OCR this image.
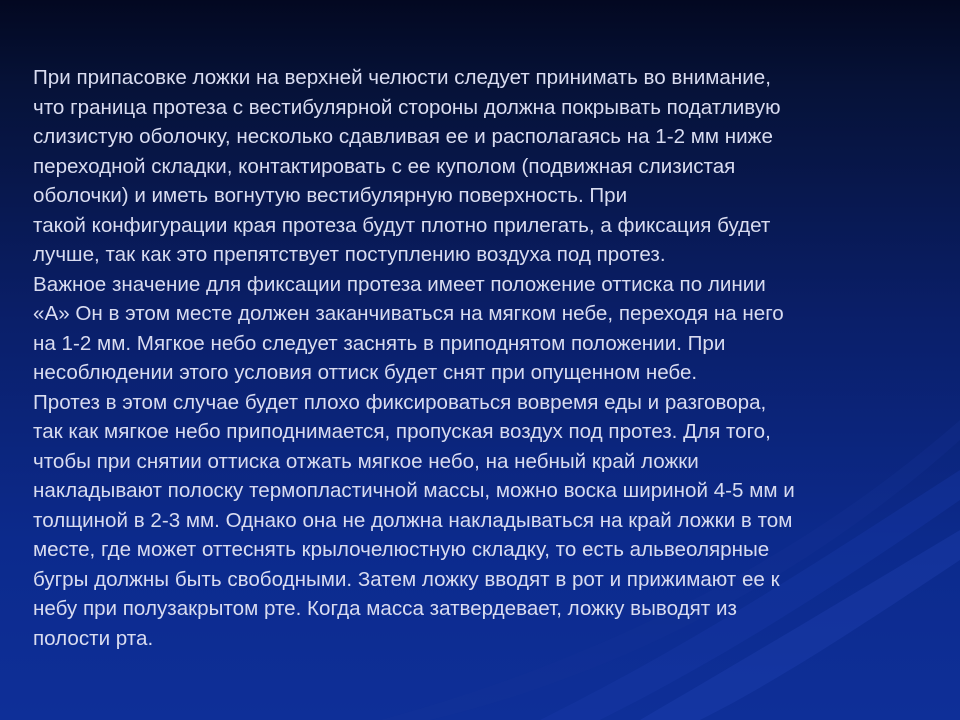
При припасовке ложки на верхней челюсти следует принимать во внимание,
что граница протеза с вестибулярной стороны должна покрывать податливую
слизистую оболочку, несколько сдавливая ее и располагаясь на 1-2 мм ниже
переходной складки, контактировать с ее куполом (подвижная слизистая
оболочки) и иметь вогнутую вестибулярную поверхность. При
такой конфигурации края протеза будут плотно прилегать, а фиксация будет
лучше, так как это препятствует поступлению воздуха под протез.

Важное значение для фиксации протеза имеет положение оттиска по линии
«А» Он в этом месте должен заканчиваться на мягком небе, переходя на него
на 1-2 мм. Мягкое небо следует заснять в приподнятом положении. При
несоблюдении этого условия оттиск будет снят при опущенном небе.

Протез в этом случае будет плохо фиксироваться вовремя еды и разговора,
так как мягкое небо приподнимается, пропуская воздух под протез. Для того,
чтобы при снятии оттиска отжать мягкое небо, на небный край ложки
накладывают полоску термопластичной массы, можно воска шириной 4-5 мм и
толщиной в 2-3 мм. Однако она не должна накладываться на край ложки в том
месте, где может оттеснять крылочелюстную складку, то есть альвеолярные
бугры должны быть свободными. Затем ложку вводят в рот и прижимают ее к
небу при полузакрытом рте. Когда масса затвердевает, ложку выводят из
полости рта.
